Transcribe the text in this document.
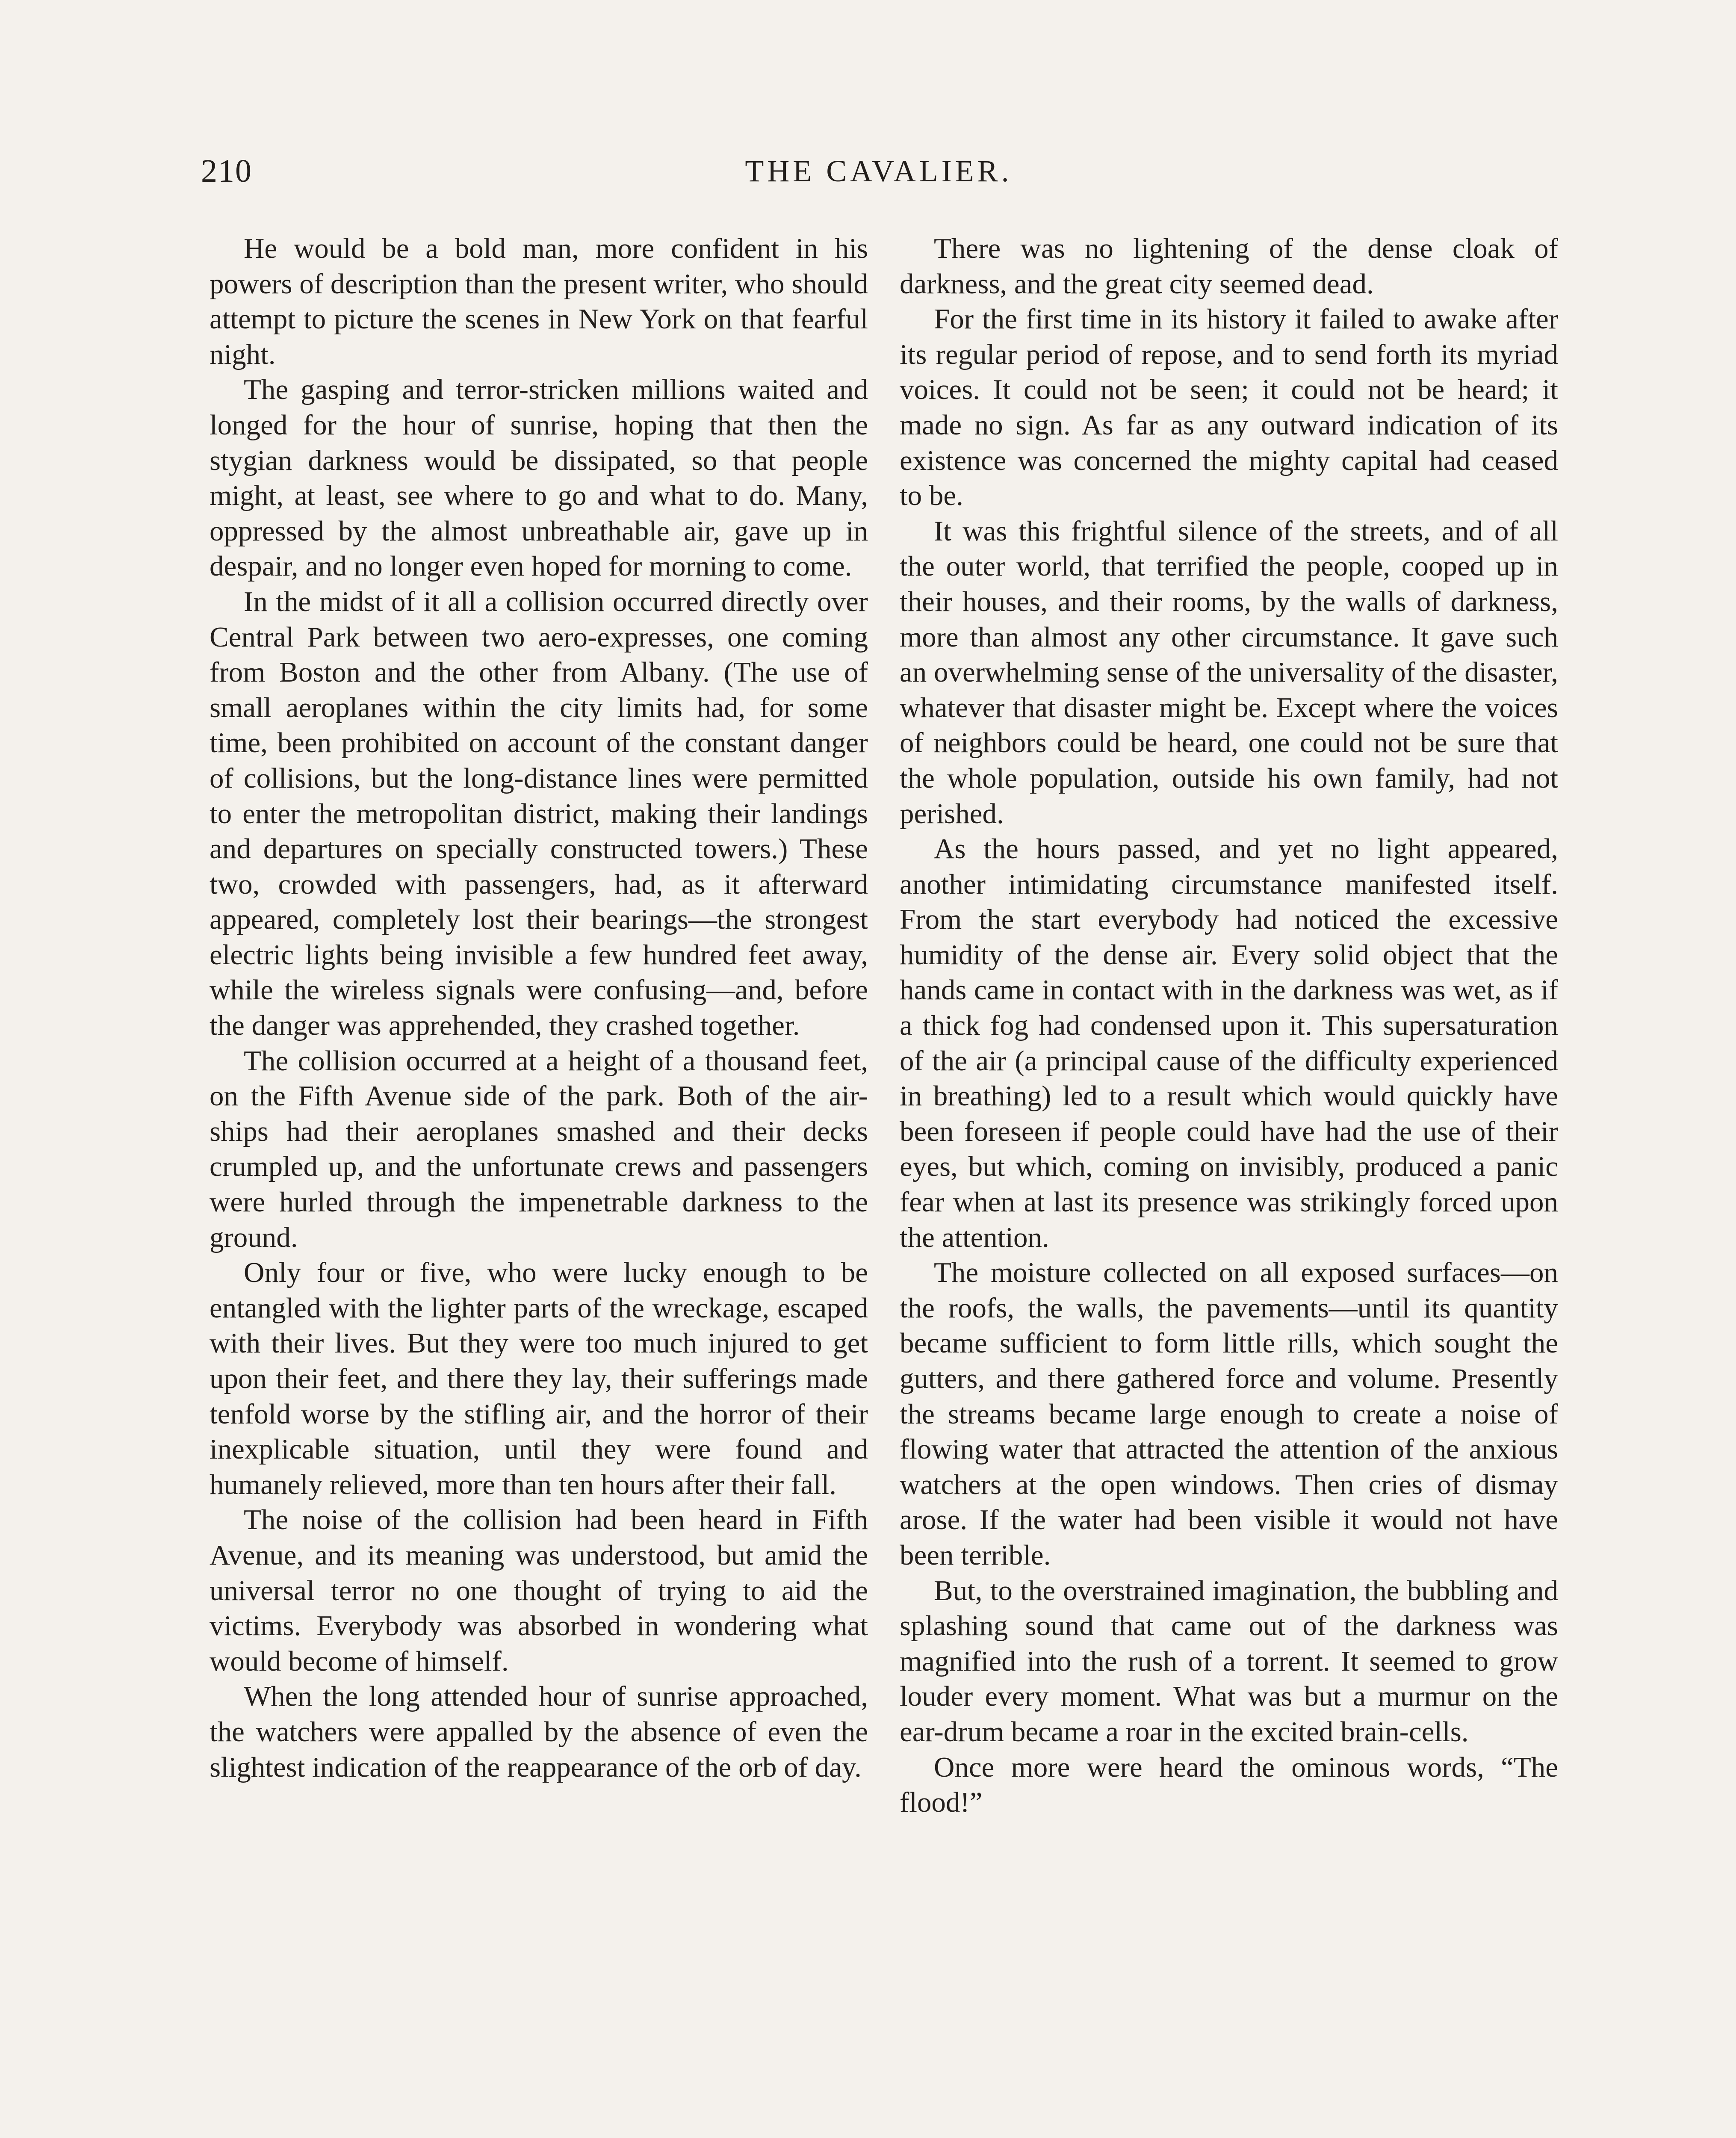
210	THE CAVALIER.

He would be a bold man, more confident in his powers of description than the present writer, who should attempt to picture the scenes in New York on that fearful night.

The gasping and terror-stricken millions waited and longed for the hour of sunrise, hoping that then the stygian darkness would be dissipated, so that people might, at least, see where to go and what to do. Many, oppressed by the almost unbreathable air, gave up in despair, and no longer even hoped for morning to come.

In the midst of it all a collision occurred directly over Central Park between two aero-expresses, one coming from Boston and the other from Albany. (The use of small aeroplanes within the city limits had, for some time, been prohibited on account of the constant danger of collisions, but the long-distance lines were permitted to enter the metropolitan district, making their landings and departures on specially constructed towers.) These two, crowded with passengers, had, as it afterward appeared, completely lost their bearings—the strongest electric lights being invisible a few hundred feet away, while the wireless signals were confusing—and, before the danger was apprehended, they crashed together.

The collision occurred at a height of a thousand feet, on the Fifth Avenue side of the park. Both of the air-ships had their aeroplanes smashed and their decks crumpled up, and the unfortunate crews and passengers were hurled through the impenetrable darkness to the ground.

Only four or five, who were lucky enough to be entangled with the lighter parts of the wreckage, escaped with their lives. But they were too much injured to get upon their feet, and there they lay, their sufferings made tenfold worse by the stifling air, and the horror of their inexplicable situation, until they were found and humanely relieved, more than ten hours after their fall.

The noise of the collision had been heard in Fifth Avenue, and its meaning was understood, but amid the universal terror no one thought of trying to aid the victims. Everybody was absorbed in wondering what would become of himself.

When the long attended hour of sunrise approached, the watchers were appalled by the absence of even the slightest indication of the reappearance of the orb of day.

There was no lightening of the dense cloak of darkness, and the great city seemed dead.

For the first time in its history it failed to awake after its regular period of repose, and to send forth its myriad voices. It could not be seen; it could not be heard; it made no sign. As far as any outward indication of its existence was concerned the mighty capital had ceased to be.

It was this frightful silence of the streets, and of all the outer world, that terrified the people, cooped up in their houses, and their rooms, by the walls of darkness, more than almost any other circumstance. It gave such an overwhelming sense of the universality of the disaster, whatever that disaster might be. Except where the voices of neighbors could be heard, one could not be sure that the whole population, outside his own family, had not perished.

As the hours passed, and yet no light appeared, another intimidating circumstance manifested itself. From the start everybody had noticed the excessive humidity of the dense air. Every solid object that the hands came in contact with in the darkness was wet, as if a thick fog had condensed upon it. This supersaturation of the air (a principal cause of the difficulty experienced in breathing) led to a result which would quickly have been foreseen if people could have had the use of their eyes, but which, coming on invisibly, produced a panic fear when at last its presence was strikingly forced upon the attention.

The moisture collected on all exposed surfaces—on the roofs, the walls, the pavements—until its quantity became sufficient to form little rills, which sought the gutters, and there gathered force and volume. Presently the streams became large enough to create a noise of flowing water that attracted the attention of the anxious watchers at the open windows. Then cries of dismay arose. If the water had been visible it would not have been terrible.

But, to the overstrained imagination, the bubbling and splashing sound that came out of the darkness was magnified into the rush of a torrent. It seemed to grow louder every moment. What was but a murmur on the ear-drum became a roar in the excited brain-cells.

Once more were heard the ominous words, “The flood!”
